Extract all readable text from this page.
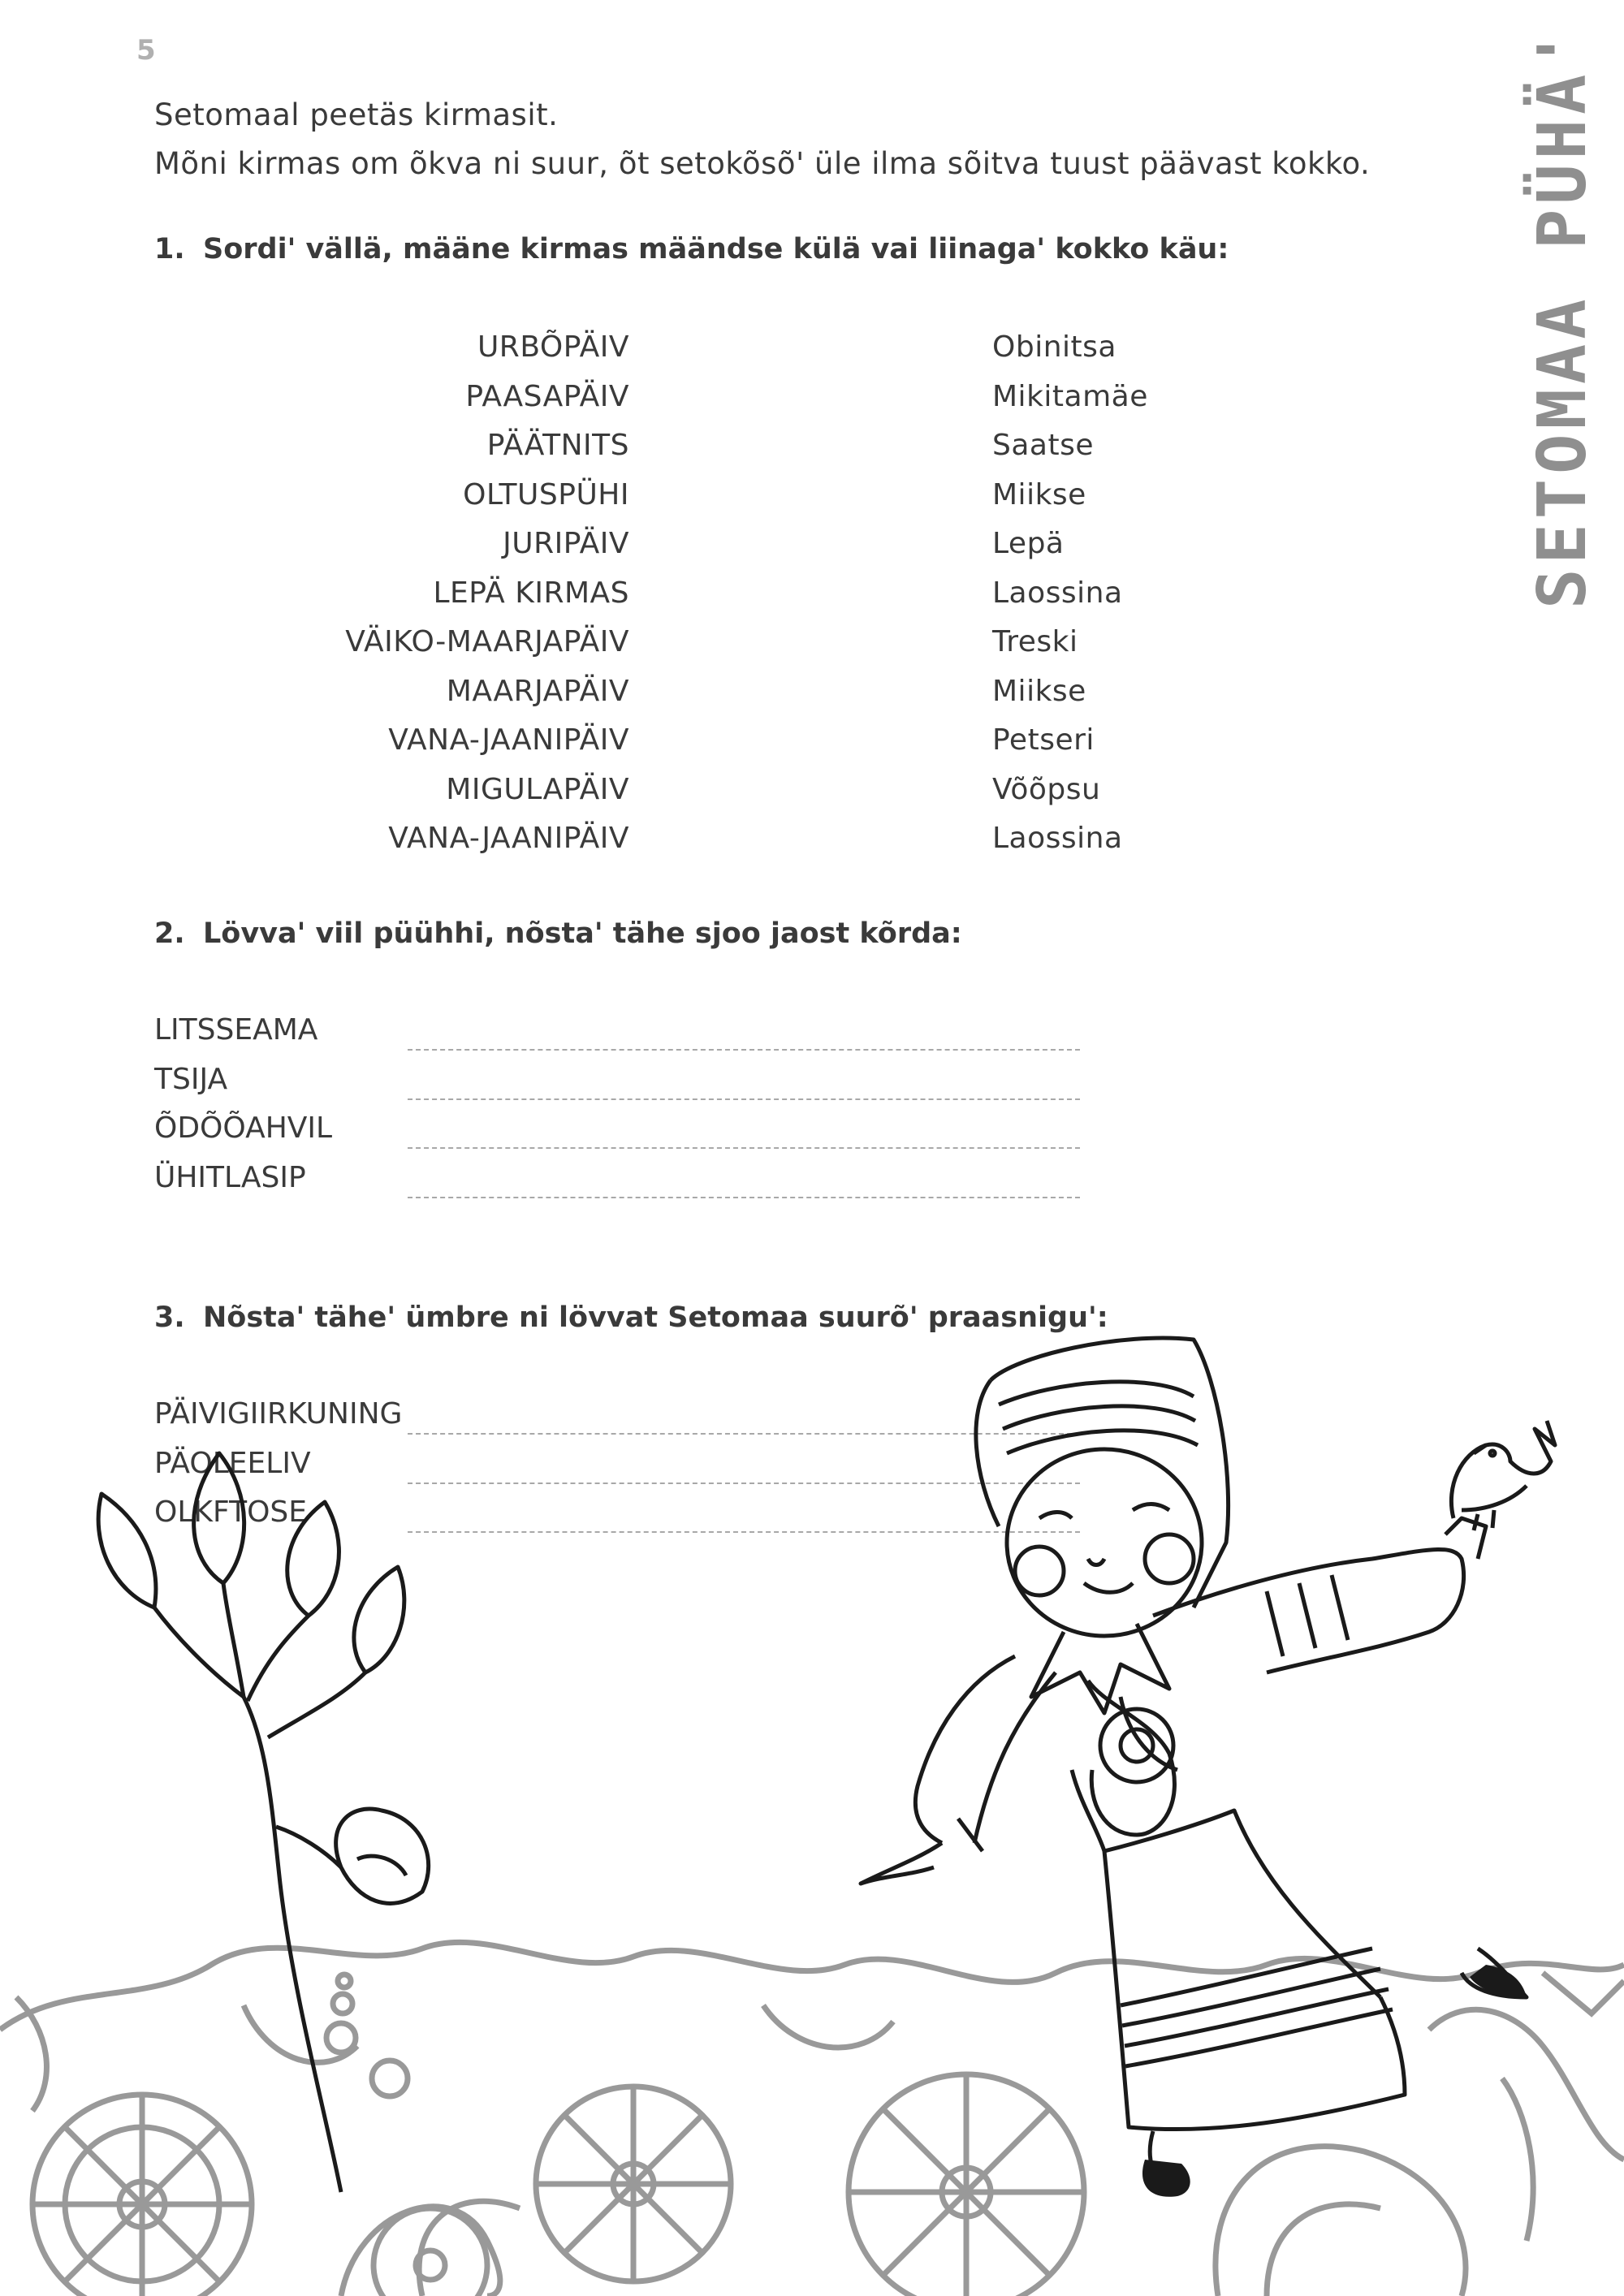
5	SETOMAA PÜHÄ'
Setomaal peetäs kirmasit.
Mõni kirmas om õkva ni suur, õt setokõsõ' üle ilma sõitva tuust päävast kokko.
1. Sordi' vällä, määne kirmas määndse külä vai liinaga' kokko käu:
URBÕPÄIV
PAASAPÄIV
PÄÄTNITS
OLTUSPÜHI
JURIPÄIV
LEPÄ KIRMAS
VÄIKO-MAARJAPÄIV
MAARJAPÄIV
VANA-JAANIPÄIV
MIGULAPÄIV
VANA-JAANIPÄIV
Obinitsa
Mikitamäe
Saatse
Miikse
Lepä
Laossina
Treski
Miikse
Petseri
Võõpsu
Laossina
2. Lövva' viil püühhi, nõsta' tähe sjoo jaost kõrda:
LITSSEAMA
TSIJA
ÕDÕÕAHVIL
ÜHITLASIP
3. Nõsta' tähe' ümbre ni lövvat Setomaa suurõ' praasnigu':
PÄIVIGIIRKUNING
PÄOLEELIV
OLKFTOSE
